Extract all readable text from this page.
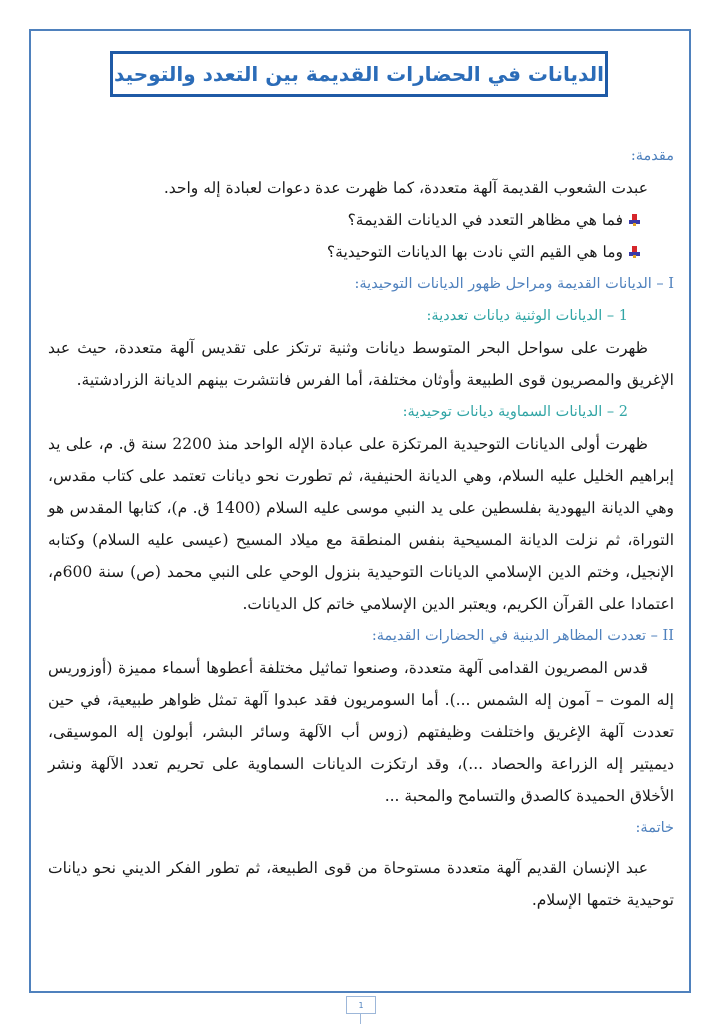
الديانات في الحضارات القديمة بين التعدد والتوحيد

مقدمة:

عبدت الشعوب القديمة آلهة متعددة، كما ظهرت عدة دعوات لعبادة إله واحد.

فما هي مظاهر التعدد في الديانات القديمة؟

وما هي القيم التي نادت بها الديانات التوحيدية؟

I – الديانات القديمة ومراحل ظهور الديانات التوحيدية:

1 – الديانات الوثنية ديانات تعددية:

ظهرت على سواحل البحر المتوسط ديانات وثنية ترتكز على تقديس آلهة متعددة، حيث عبد الإغريق والمصريون قوى الطبيعة وأوثان مختلفة، أما الفرس فانتشرت بينهم الديانة الزرادشتية.

2 – الديانات السماوية ديانات توحيدية:

ظهرت أولى الديانات التوحيدية المرتكزة على عبادة الإله الواحد منذ 2200 سنة ق. م، على يد إبراهيم الخليل عليه السلام، وهي الديانة الحنيفية، ثم تطورت نحو ديانات تعتمد على كتاب مقدس، وهي الديانة اليهودية بفلسطين على يد النبي موسى عليه السلام (1400 ق. م)، كتابها المقدس هو التوراة، ثم نزلت الديانة المسيحية بنفس المنطقة مع ميلاد المسيح (عيسى عليه السلام) وكتابه الإنجيل، وختم الدين الإسلامي الديانات التوحيدية بنزول الوحي على النبي محمد (ص) سنة 600م، اعتمادا على القرآن الكريم، ويعتبر الدين الإسلامي خاتم كل الديانات.

II – تعددت المظاهر الدينية في الحضارات القديمة:

قدس المصريون القدامى آلهة متعددة، وصنعوا تماثيل مختلفة أعطوها أسماء مميزة (أوزوريس إله الموت – آمون إله الشمس ...). أما السومريون فقد عبدوا آلهة تمثل ظواهر طبيعية، في حين تعددت آلهة الإغريق واختلفت وظيفتهم (زوس أب الآلهة وسائر البشر، أبولون إله الموسيقى، ديميتير إله الزراعة والحصاد ...)، وقد ارتكزت الديانات السماوية على تحريم تعدد الآلهة ونشر الأخلاق الحميدة كالصدق والتسامح والمحبة ...

خاتمة:

عبد الإنسان القديم آلهة متعددة مستوحاة من قوى الطبيعة، ثم تطور الفكر الديني نحو ديانات توحيدية ختمها الإسلام.

1
